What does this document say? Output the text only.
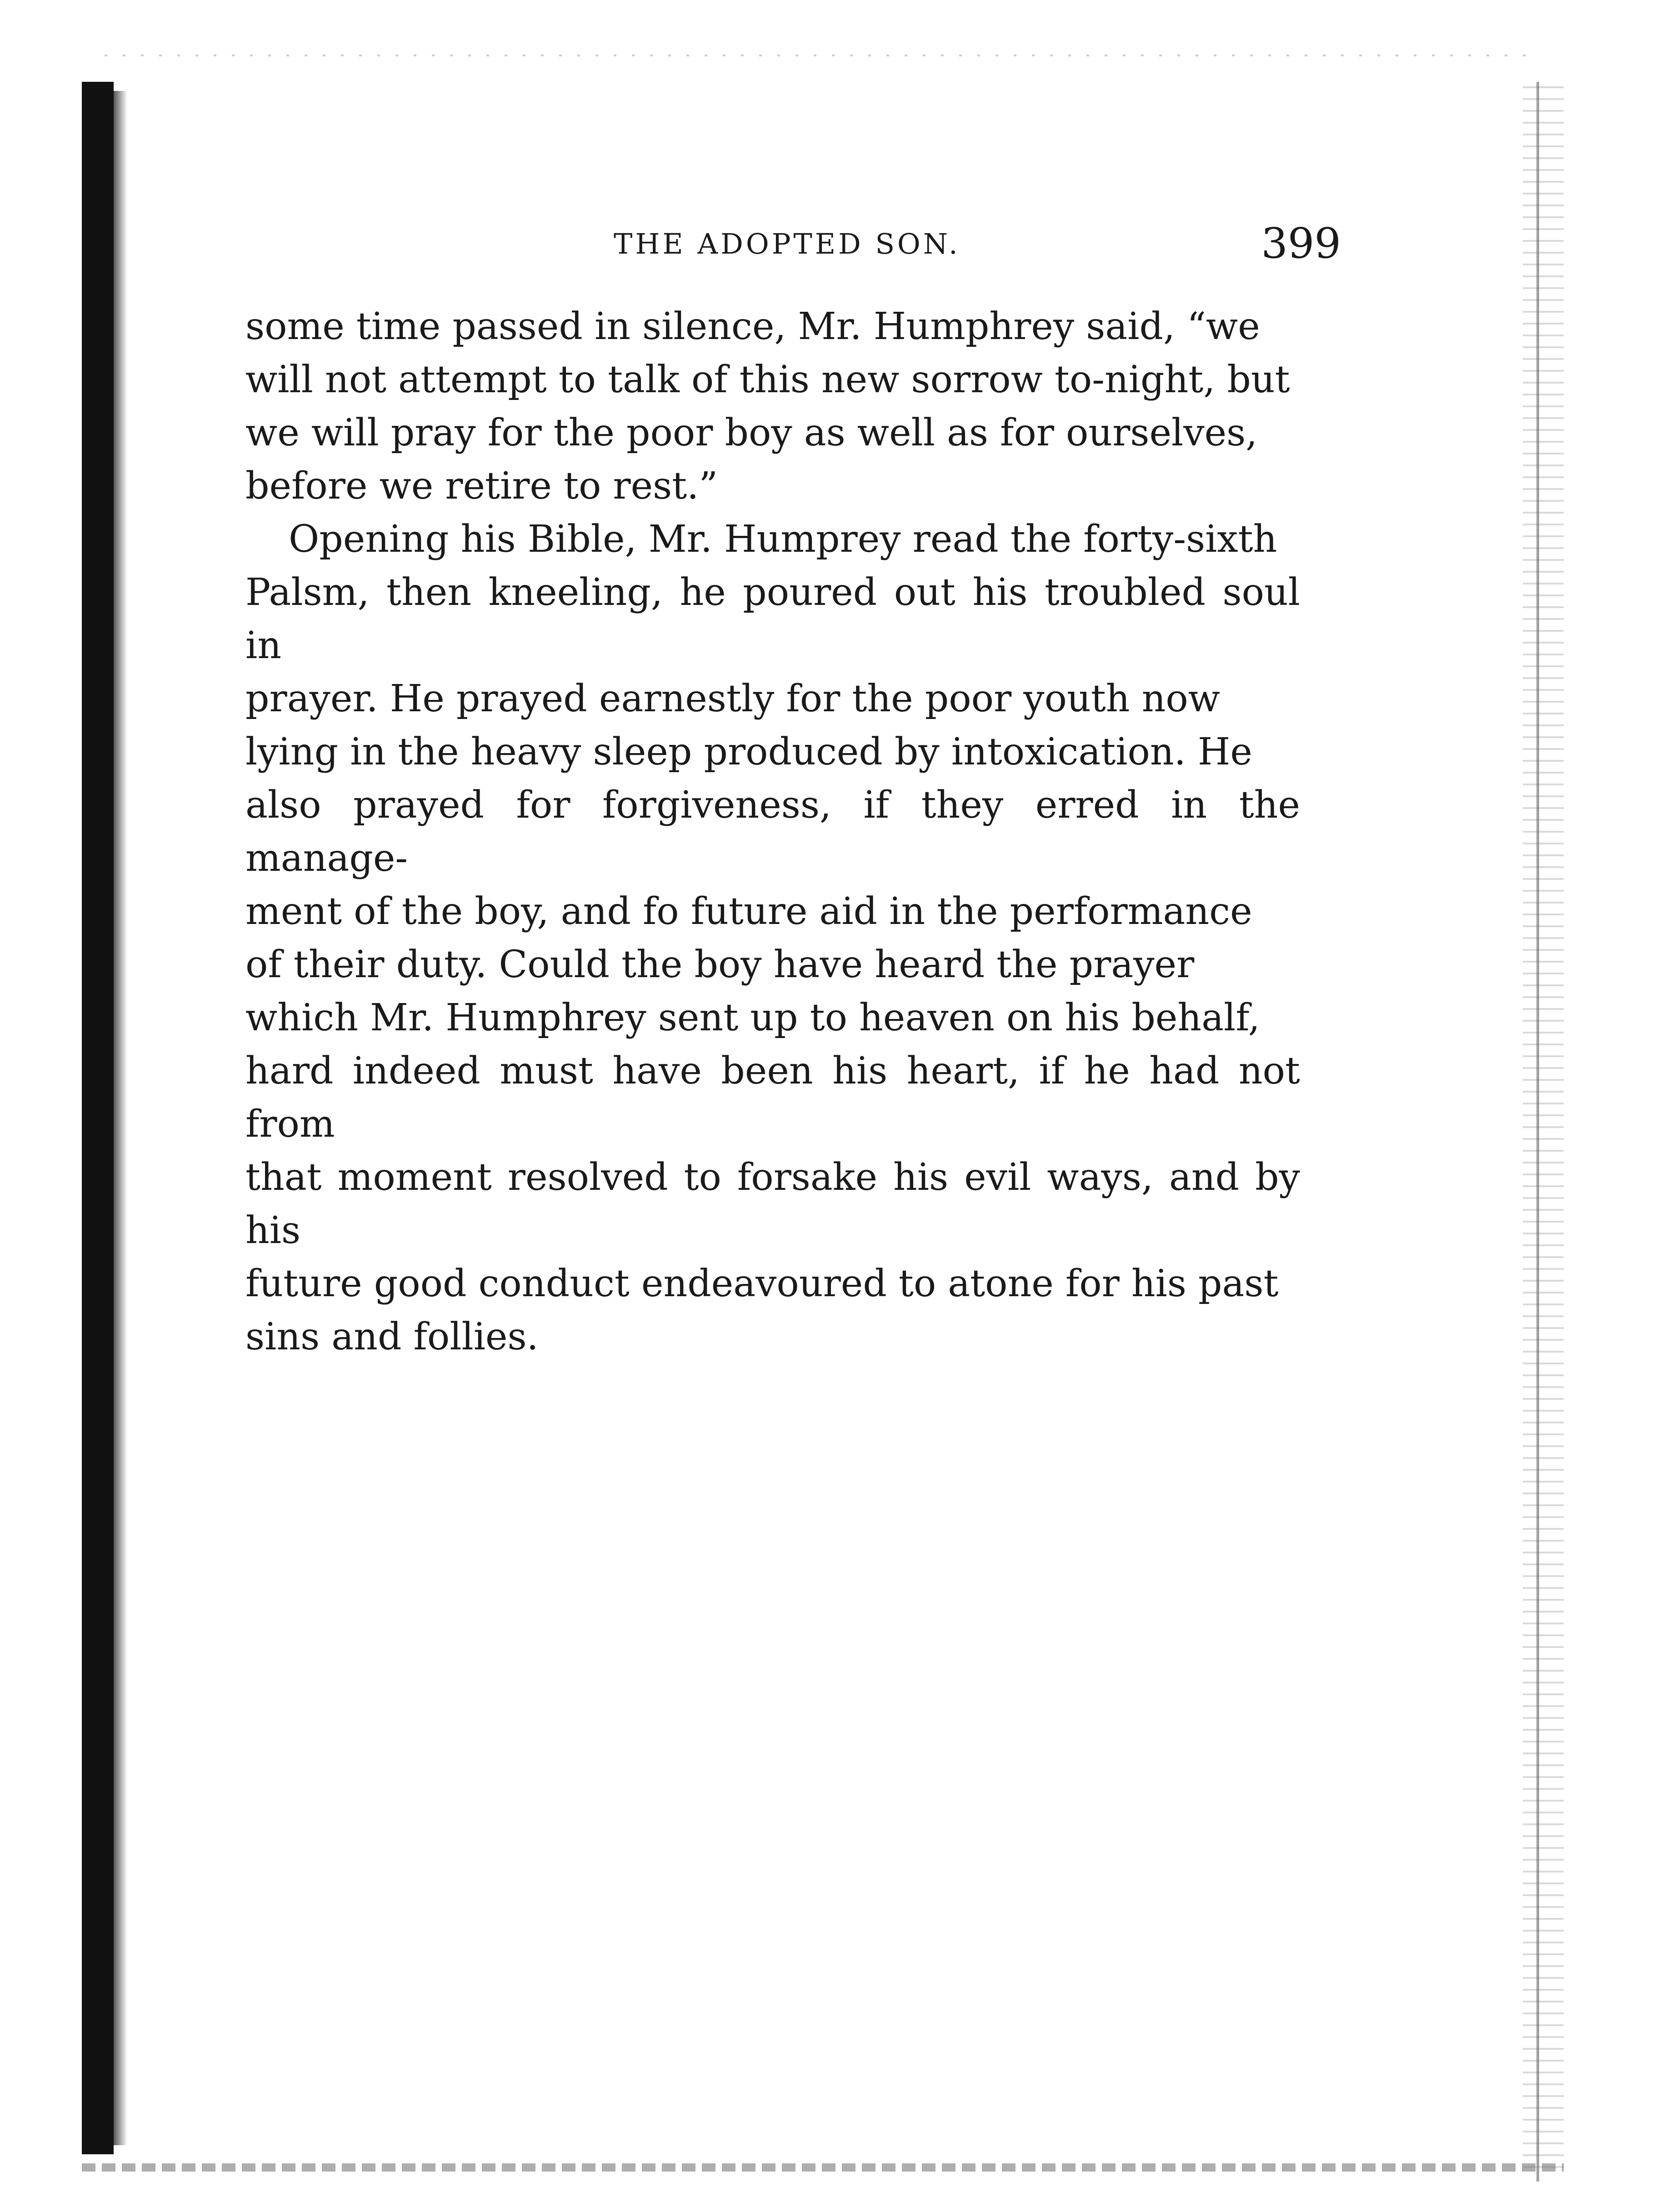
THE ADOPTED SON.	399

some time passed in silence, Mr. Humphrey said, “we
will not attempt to talk of this new sorrow to-night, but
we will pray for the poor boy as well as for ourselves,
before we retire to rest.”

Opening his Bible, Mr. Humprey read the forty-sixth
Palsm, then kneeling, he poured out his troubled soul in
prayer. He prayed earnestly for the poor youth now
lying in the heavy sleep produced by intoxication. He
also prayed for forgiveness, if they erred in the manage-
ment of the boy, and fo future aid in the performance
of their duty. Could the boy have heard the prayer
which Mr. Humphrey sent up to heaven on his behalf,
hard indeed must have been his heart, if he had not from
that moment resolved to forsake his evil ways, and by his
future good conduct endeavoured to atone for his past
sins and follies.
